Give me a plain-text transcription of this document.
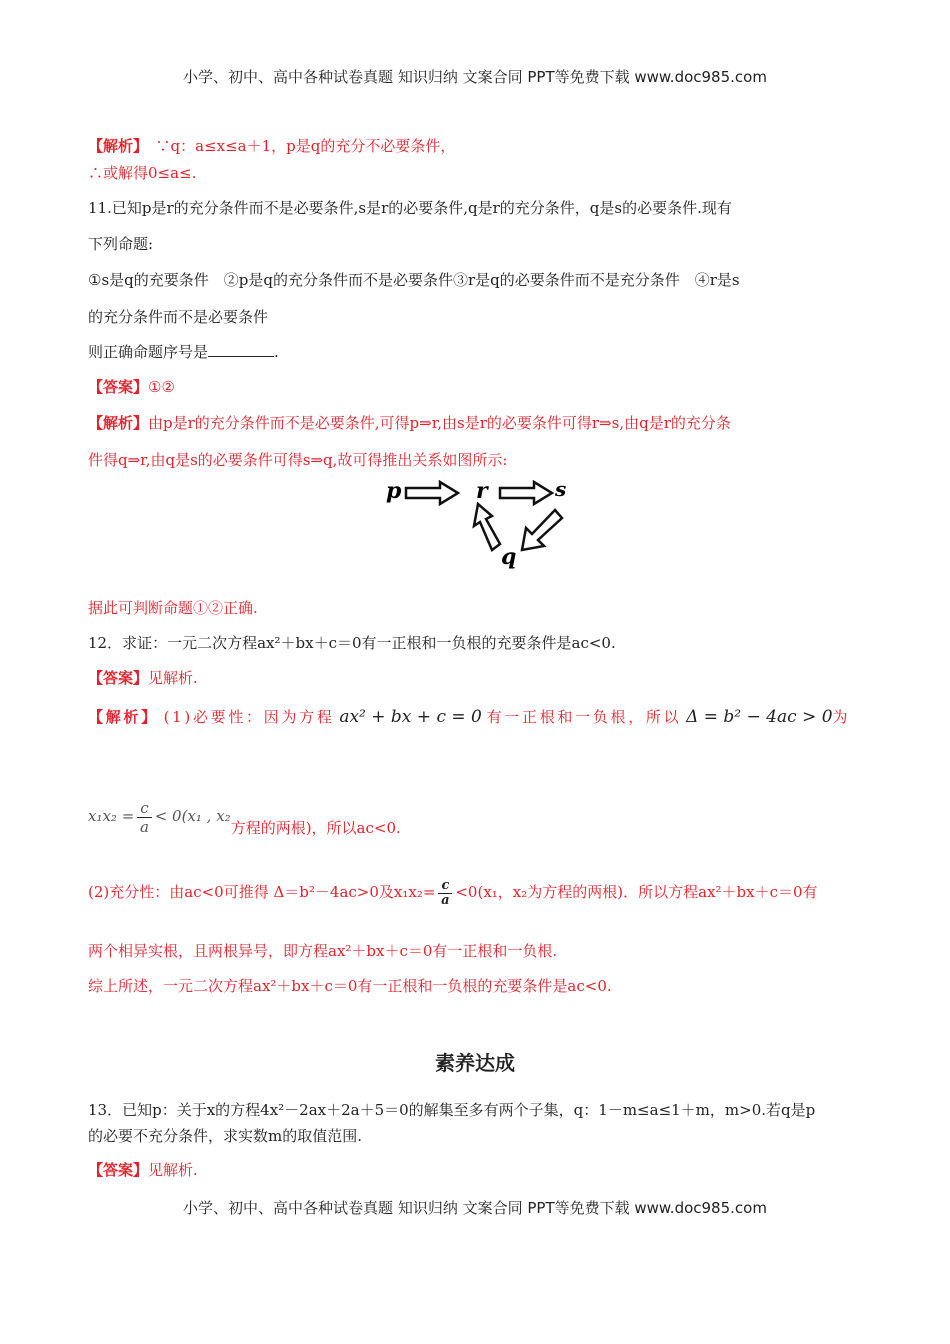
小学、初中、高中各种试卷真题 知识归纳 文案合同 PPT等免费下载 www.doc985.com
【解析】　 ∵q：a≤x≤a＋1，p是q的充分不必要条件，
∴或解得0≤a≤.
11.已知p是r的充分条件而不是必要条件,s是r的必要条件,q是r的充分条件，q是s的必要条件.现有
下列命题:
①s是q的充要条件　②p是q的充分条件而不是必要条件③r是q的必要条件而不是充分条件　④r是s
的充分条件而不是必要条件
则正确命题序号是	.
【答案】①②
【解析】由p是r的充分条件而不是必要条件,可得p⇒r,由s是r的必要条件可得r⇒s,由q是r的充分条
件得q⇒r,由q是s的必要条件可得s⇒q,故可得推出关系如图所示:
p	r	s
q
据此可判断命题①②正确.
12．求证：一元二次方程ax²＋bx＋c＝0有一正根和一负根的充要条件是ac<0.
【答案】见解析.
【解析】 (1)必要性：因为方程 ax² + bx + c = 0 有一正根和一负根，所以 Δ = b² − 4ac > 0为
$x_1x_2 = \frac{c}{a} < 0(x_1$ , x₂方程的两根)，所以ac<0.
(2)充分性：由ac<0可推得 Δ＝b²－4ac>0及$x_1x_2= \frac{c}{a} <0(x_1$，x₂为方程的两根)．所以方程ax²＋bx＋c＝0有
两个相异实根，且两根异号，即方程ax²＋bx＋c＝0有一正根和一负根.
综上所述，一元二次方程ax²＋bx＋c＝0有一正根和一负根的充要条件是ac<0.
素养达成
13．已知p：关于x的方程4x²－2ax＋2a＋5＝0的解集至多有两个子集，q：1－m≤a≤1＋m，m>0.若q是p
的必要不充分条件，求实数m的取值范围.
【答案】见解析.
小学、初中、高中各种试卷真题 知识归纳 文案合同 PPT等免费下载 www.doc985.com
